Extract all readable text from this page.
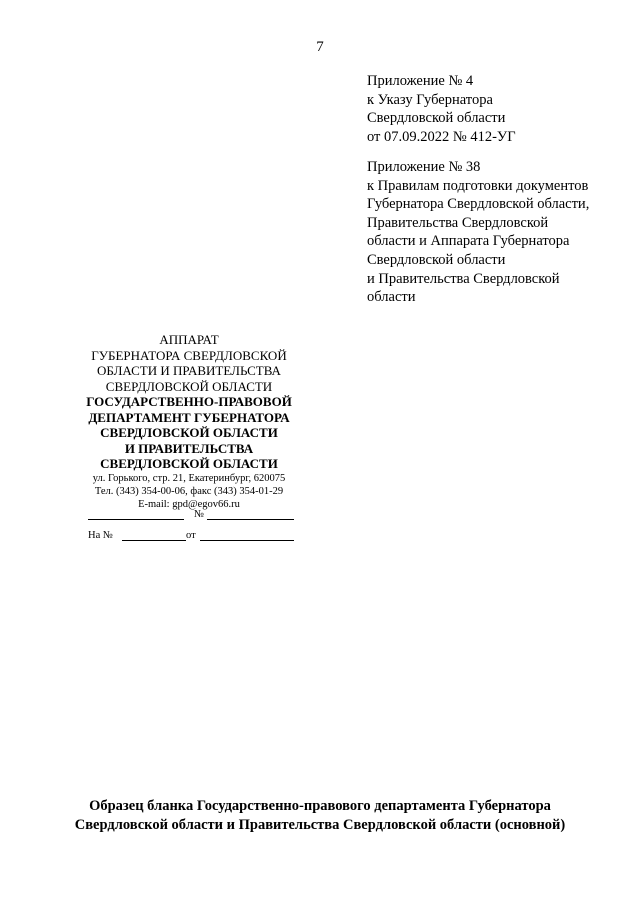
7
Приложение № 4
к Указу Губернатора
Свердловской области
от 07.09.2022 № 412-УГ
Приложение № 38
к Правилам подготовки документов
Губернатора Свердловской области,
Правительства Свердловской
области и Аппарата Губернатора
Свердловской области
и Правительства Свердловской
области
АППАРАТ
ГУБЕРНАТОРА СВЕРДЛОВСКОЙ
ОБЛАСТИ И ПРАВИТЕЛЬСТВА
СВЕРДЛОВСКОЙ ОБЛАСТИ
ГОСУДАРСТВЕННО-ПРАВОВОЙ
ДЕПАРТАМЕНТ ГУБЕРНАТОРА
СВЕРДЛОВСКОЙ ОБЛАСТИ
И ПРАВИТЕЛЬСТВА
СВЕРДЛОВСКОЙ ОБЛАСТИ
ул. Горького, стр. 21, Екатеринбург, 620075
Тел. (343) 354-00-06, факс (343) 354-01-29
E-mail: gpd@egov66.ru
№
На №	от
Образец бланка Государственно-правового департамента Губернатора
Свердловской области и Правительства Свердловской области (основной)
